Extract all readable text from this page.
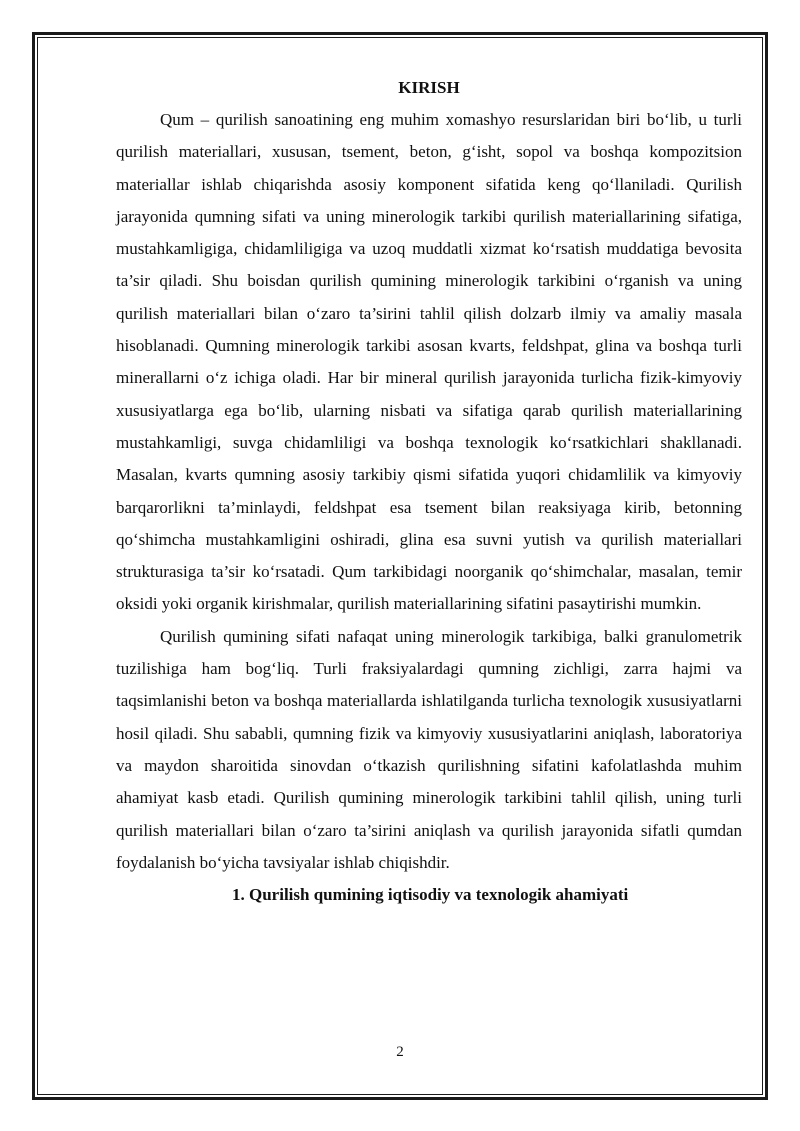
KIRISH

Qum – qurilish sanoatining eng muhim xomashyo resurslaridan biri bo‘lib, u turli qurilish materiallari, xususan, tsement, beton, g‘isht, sopol va boshqa kompozitsion materiallar ishlab chiqarishda asosiy komponent sifatida keng qo‘llaniladi. Qurilish jarayonida qumning sifati va uning minerologik tarkibi qurilish materiallarining sifatiga, mustahkamligiga, chidamliligiga va uzoq muddatli xizmat ko‘rsatish muddatiga bevosita ta’sir qiladi. Shu boisdan qurilish qumining minerologik tarkibini o‘rganish va uning qurilish materiallari bilan o‘zaro ta’sirini tahlil qilish dolzarb ilmiy va amaliy masala hisoblanadi. Qumning minerologik tarkibi asosan kvarts, feldshpat, glina va boshqa turli minerallarni o‘z ichiga oladi. Har bir mineral qurilish jarayonida turlicha fizik-kimyoviy xususiyatlarga ega bo‘lib, ularning nisbati va sifatiga qarab qurilish materiallarining mustahkamligi, suvga chidamliligi va boshqa texnologik ko‘rsatkichlari shakllanadi. Masalan, kvarts qumning asosiy tarkibiy qismi sifatida yuqori chidamlilik va kimyoviy barqarorlikni ta’minlaydi, feldshpat esa tsement bilan reaksiyaga kirib, betonning qo‘shimcha mustahkamligini oshiradi, glina esa suvni yutish va qurilish materiallari strukturasiga ta’sir ko‘rsatadi. Qum tarkibidagi noorganik qo‘shimchalar, masalan, temir oksidi yoki organik kirishmalar, qurilish materiallarining sifatini pasaytirishi mumkin.

Qurilish qumining sifati nafaqat uning minerologik tarkibiga, balki granulometrik tuzilishiga ham bog‘liq. Turli fraksiyalardagi qumning zichligi, zarra hajmi va taqsimlanishi beton va boshqa materiallarda ishlatilganda turlicha texnologik xususiyatlarni hosil qiladi. Shu sababli, qumning fizik va kimyoviy xususiyatlarini aniqlash, laboratoriya va maydon sharoitida sinovdan o‘tkazish qurilishning sifatini kafolatlashda muhim ahamiyat kasb etadi. Qurilish qumining minerologik tarkibini tahlil qilish, uning turli qurilish materiallari bilan o‘zaro ta’sirini aniqlash va qurilish jarayonida sifatli qumdan foydalanish bo‘yicha tavsiyalar ishlab chiqishdir.

1. Qurilish qumining iqtisodiy va texnologik ahamiyati

2
